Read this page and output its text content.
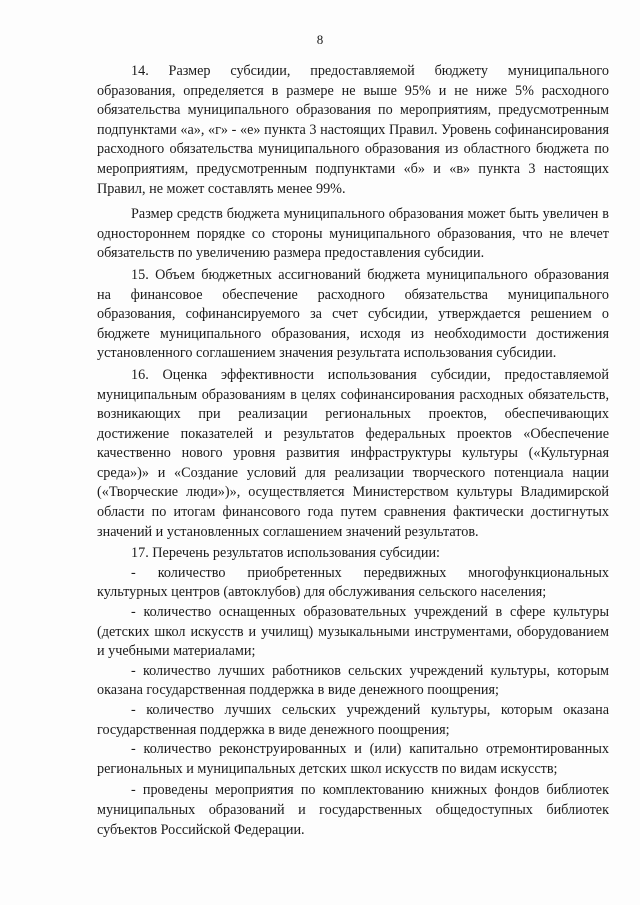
8

14. Размер субсидии, предоставляемой бюджету муниципального образования, определяется в размере не выше 95% и не ниже 5% расходного обязательства муниципального образования по мероприятиям, предусмотренным подпунктами «а», «г» - «е» пункта 3 настоящих Правил. Уровень софинансирования расходного обязательства муниципального образования из областного бюджета по мероприятиям, предусмотренным подпунктами «б» и «в» пункта 3 настоящих Правил, не может составлять менее 99%.

Размер средств бюджета муниципального образования может быть увеличен в одностороннем порядке со стороны муниципального образования, что не влечет обязательств по увеличению размера предоставления субсидии.

15. Объем бюджетных ассигнований бюджета муниципального образования на финансовое обеспечение расходного обязательства муниципального образования, софинансируемого за счет субсидии, утверждается решением о бюджете муниципального образования, исходя из необходимости достижения установленного соглашением значения результата использования субсидии.

16. Оценка эффективности использования субсидии, предоставляемой муниципальным образованиям в целях софинансирования расходных обязательств, возникающих при реализации региональных проектов, обеспечивающих достижение показателей и результатов федеральных проектов «Обеспечение качественно нового уровня развития инфраструктуры культуры («Культурная среда»)» и «Создание условий для реализации творческого потенциала нации («Творческие люди»)», осуществляется Министерством культуры Владимирской области по итогам финансового года путем сравнения фактически достигнутых значений и установленных соглашением значений результатов.

17. Перечень результатов использования субсидии:

- количество приобретенных передвижных многофункциональных культурных центров (автоклубов) для обслуживания сельского населения;

- количество оснащенных образовательных учреждений в сфере культуры (детских школ искусств и училищ) музыкальными инструментами, оборудованием и учебными материалами;

- количество лучших работников сельских учреждений культуры, которым оказана государственная поддержка в виде денежного поощрения;

- количество лучших сельских учреждений культуры, которым оказана государственная поддержка в виде денежного поощрения;

- количество реконструированных и (или) капитально отремонтированных региональных и муниципальных детских школ искусств по видам искусств;

- проведены мероприятия по комплектованию книжных фондов библиотек муниципальных образований и государственных общедоступных библиотек субъектов Российской Федерации.
